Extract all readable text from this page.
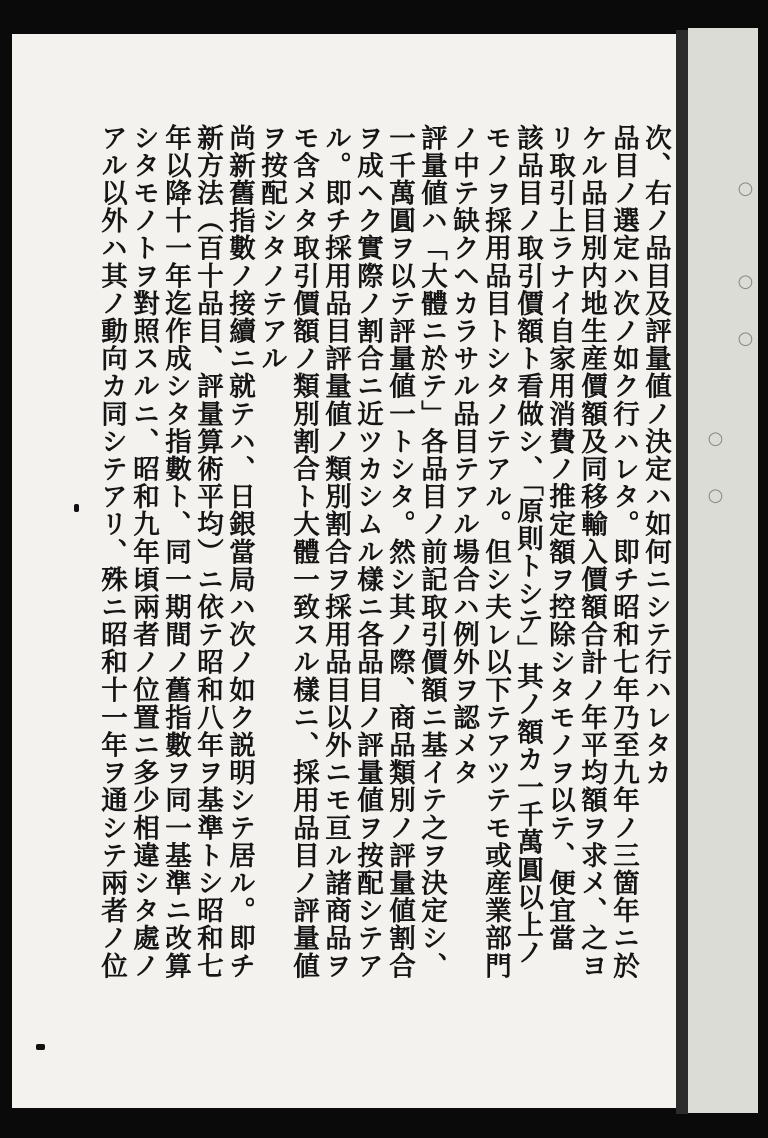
次、右ノ品目及評量値ノ決定ハ如何ニシテ行ハレタカ
品目ノ選定ハ次ノ如ク行ハレタ。即チ昭和七年乃至九年ノ三箇年ニ於
ケル品目別内地生産價額及同移輸入價額合計ノ年平均額ヲ求メ、之ヨ
リ取引上ラナイ自家用消費ノ推定額ヲ控除シタモノヲ以テ、便宜當
該品目ノ取引價額ト看做シ、「原則トシテ」其ノ額カ一千萬圓以上ノ
モノヲ採用品目トシタノテアル。但シ夫レ以下テアツテモ或産業部門
ノ中テ缺クヘカラサル品目テアル場合ハ例外ヲ認メタ
評量値ハ「大體ニ於テ」各品目ノ前記取引價額ニ基イテ之ヲ決定シ、
一千萬圓ヲ以テ評量値一トシタ。然シ其ノ際、商品類別ノ評量値割合
ヲ成ヘク實際ノ割合ニ近ツカシムル樣ニ各品目ノ評量値ヲ按配シテア
ル。即チ採用品目評量値ノ類別割合ヲ採用品目以外ニモ亘ル諸商品ヲ
モ含メタ取引價額ノ類別割合ト大體一致スル樣ニ、採用品目ノ評量値
ヲ按配シタノテアル
尚新舊指數ノ接續ニ就テハ、日銀當局ハ次ノ如ク説明シテ居ル。即チ
新方法（百十品目、評量算術平均）ニ依テ昭和八年ヲ基準トシ昭和七
年以降十一年迄作成シタ指數ト、同一期間ノ舊指數ヲ同一基準ニ改算
シタモノトヲ對照スルニ、昭和九年頃兩者ノ位置ニ多少相違シタ處ノ
アル以外ハ其ノ動向カ同シテアリ、殊ニ昭和十一年ヲ通シテ兩者ノ位	○　　　　○　　○
○　　○
